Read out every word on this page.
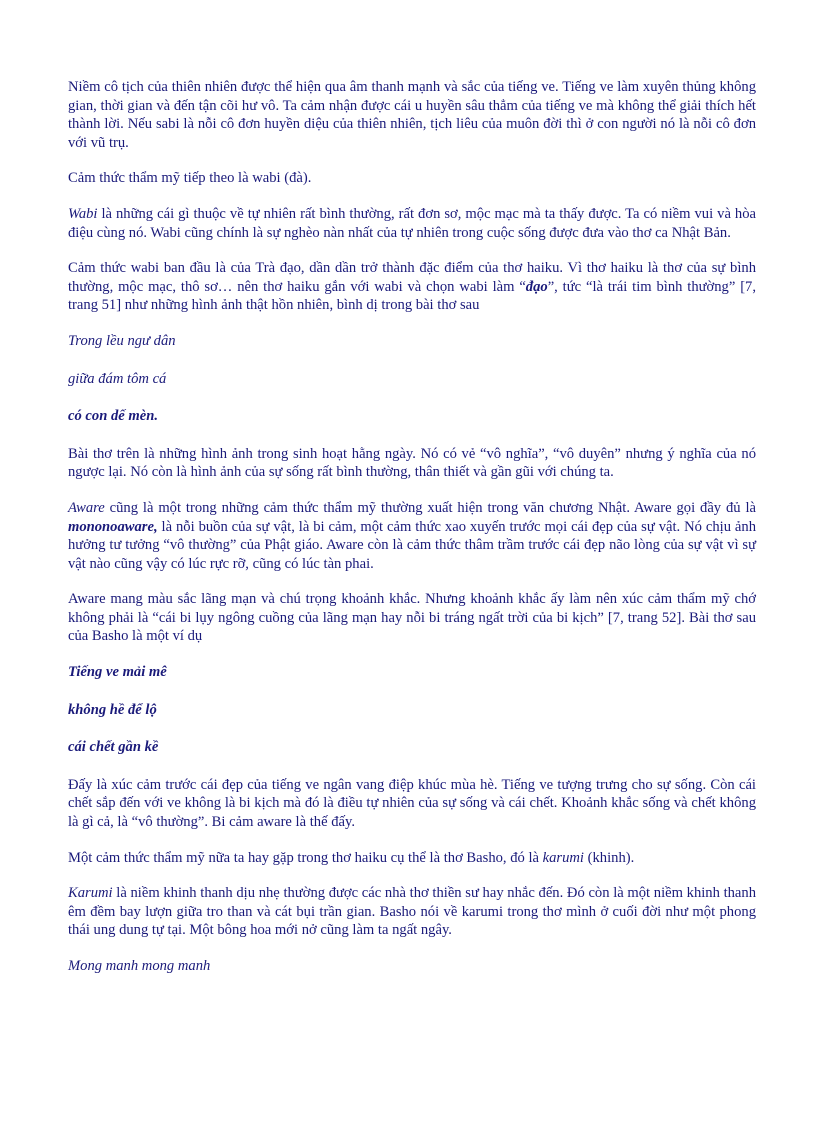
Niềm cô tịch của thiên nhiên được thể hiện qua âm thanh mạnh và sắc của tiếng ve. Tiếng ve làm xuyên thủng không gian, thời gian và đến tận cõi hư vô. Ta cảm nhận được cái u huyền sâu thẳm của tiếng ve mà không thể giải thích hết thành lời. Nếu sabi là nỗi cô đơn huyền diệu của thiên nhiên, tịch liêu của muôn đời thì ở con người nó là nỗi cô đơn với vũ trụ.

Cảm thức thẩm mỹ tiếp theo là wabi (đà).

Wabi là những cái gì thuộc về tự nhiên rất bình thường, rất đơn sơ, mộc mạc mà ta thấy được. Ta có niềm vui và hòa điệu cùng nó. Wabi cũng chính là sự nghèo nàn nhất của tự nhiên trong cuộc sống được đưa vào thơ ca Nhật Bản.

Cảm thức wabi ban đầu là của Trà đạo, dần dần trở thành đặc điểm của thơ haiku. Vì thơ haiku là thơ của sự bình thường, mộc mạc, thô sơ… nên thơ haiku gắn với wabi và chọn wabi làm “đạo”, tức “là trái tim bình thường” [7, trang 51] như những hình ảnh thật hồn nhiên, bình dị trong bài thơ sau

Trong lều ngư dân

giữa đám tôm cá

có con dế mèn.

Bài thơ trên là những hình ảnh trong sinh hoạt hằng ngày. Nó có vẻ “vô nghĩa”, “vô duyên” nhưng ý nghĩa của nó ngược lại. Nó còn là hình ảnh của sự sống rất bình thường, thân thiết và gần gũi với chúng ta.

Aware cũng là một trong những cảm thức thẩm mỹ thường xuất hiện trong văn chương Nhật. Aware gọi đầy đủ là mononoaware, là nỗi buồn của sự vật, là bi cảm, một cảm thức xao xuyến trước mọi cái đẹp của sự vật. Nó chịu ảnh hưởng tư tưởng “vô thường” của Phật giáo. Aware còn là cảm thức thâm trầm trước cái đẹp não lòng của sự vật vì sự vật nào cũng vậy có lúc rực rỡ, cũng có lúc tàn phai.

Aware mang màu sắc lãng mạn và chú trọng khoảnh khắc. Nhưng khoảnh khắc ấy làm nên xúc cảm thẩm mỹ chớ không phải là “cái bi lụy ngông cuồng của lãng mạn hay nỗi bi tráng ngất trời của bi kịch” [7, trang 52]. Bài thơ sau của Basho là một ví dụ

Tiếng ve mải mê

không hề để lộ

cái chết gần kề

Đấy là xúc cảm trước cái đẹp của tiếng ve ngân vang điệp khúc mùa hè. Tiếng ve tượng trưng cho sự sống. Còn cái chết sắp đến với ve không là bi kịch mà đó là điều tự nhiên của sự sống và cái chết. Khoảnh khắc sống và chết không là gì cả, là “vô thường”. Bi cảm aware là thế đấy.

Một cảm thức thẩm mỹ nữa ta hay gặp trong thơ haiku cụ thể là thơ Basho, đó là karumi (khinh).

Karumi là niềm khinh thanh dịu nhẹ thường được các nhà thơ thiền sư hay nhắc đến. Đó còn là một niềm khinh thanh êm đềm bay lượn giữa tro than và cát bụi trần gian. Basho nói về karumi trong thơ mình ở cuối đời như một phong thái ung dung tự tại. Một bông hoa mới nở cũng làm ta ngất ngây.

Mong manh mong manh
